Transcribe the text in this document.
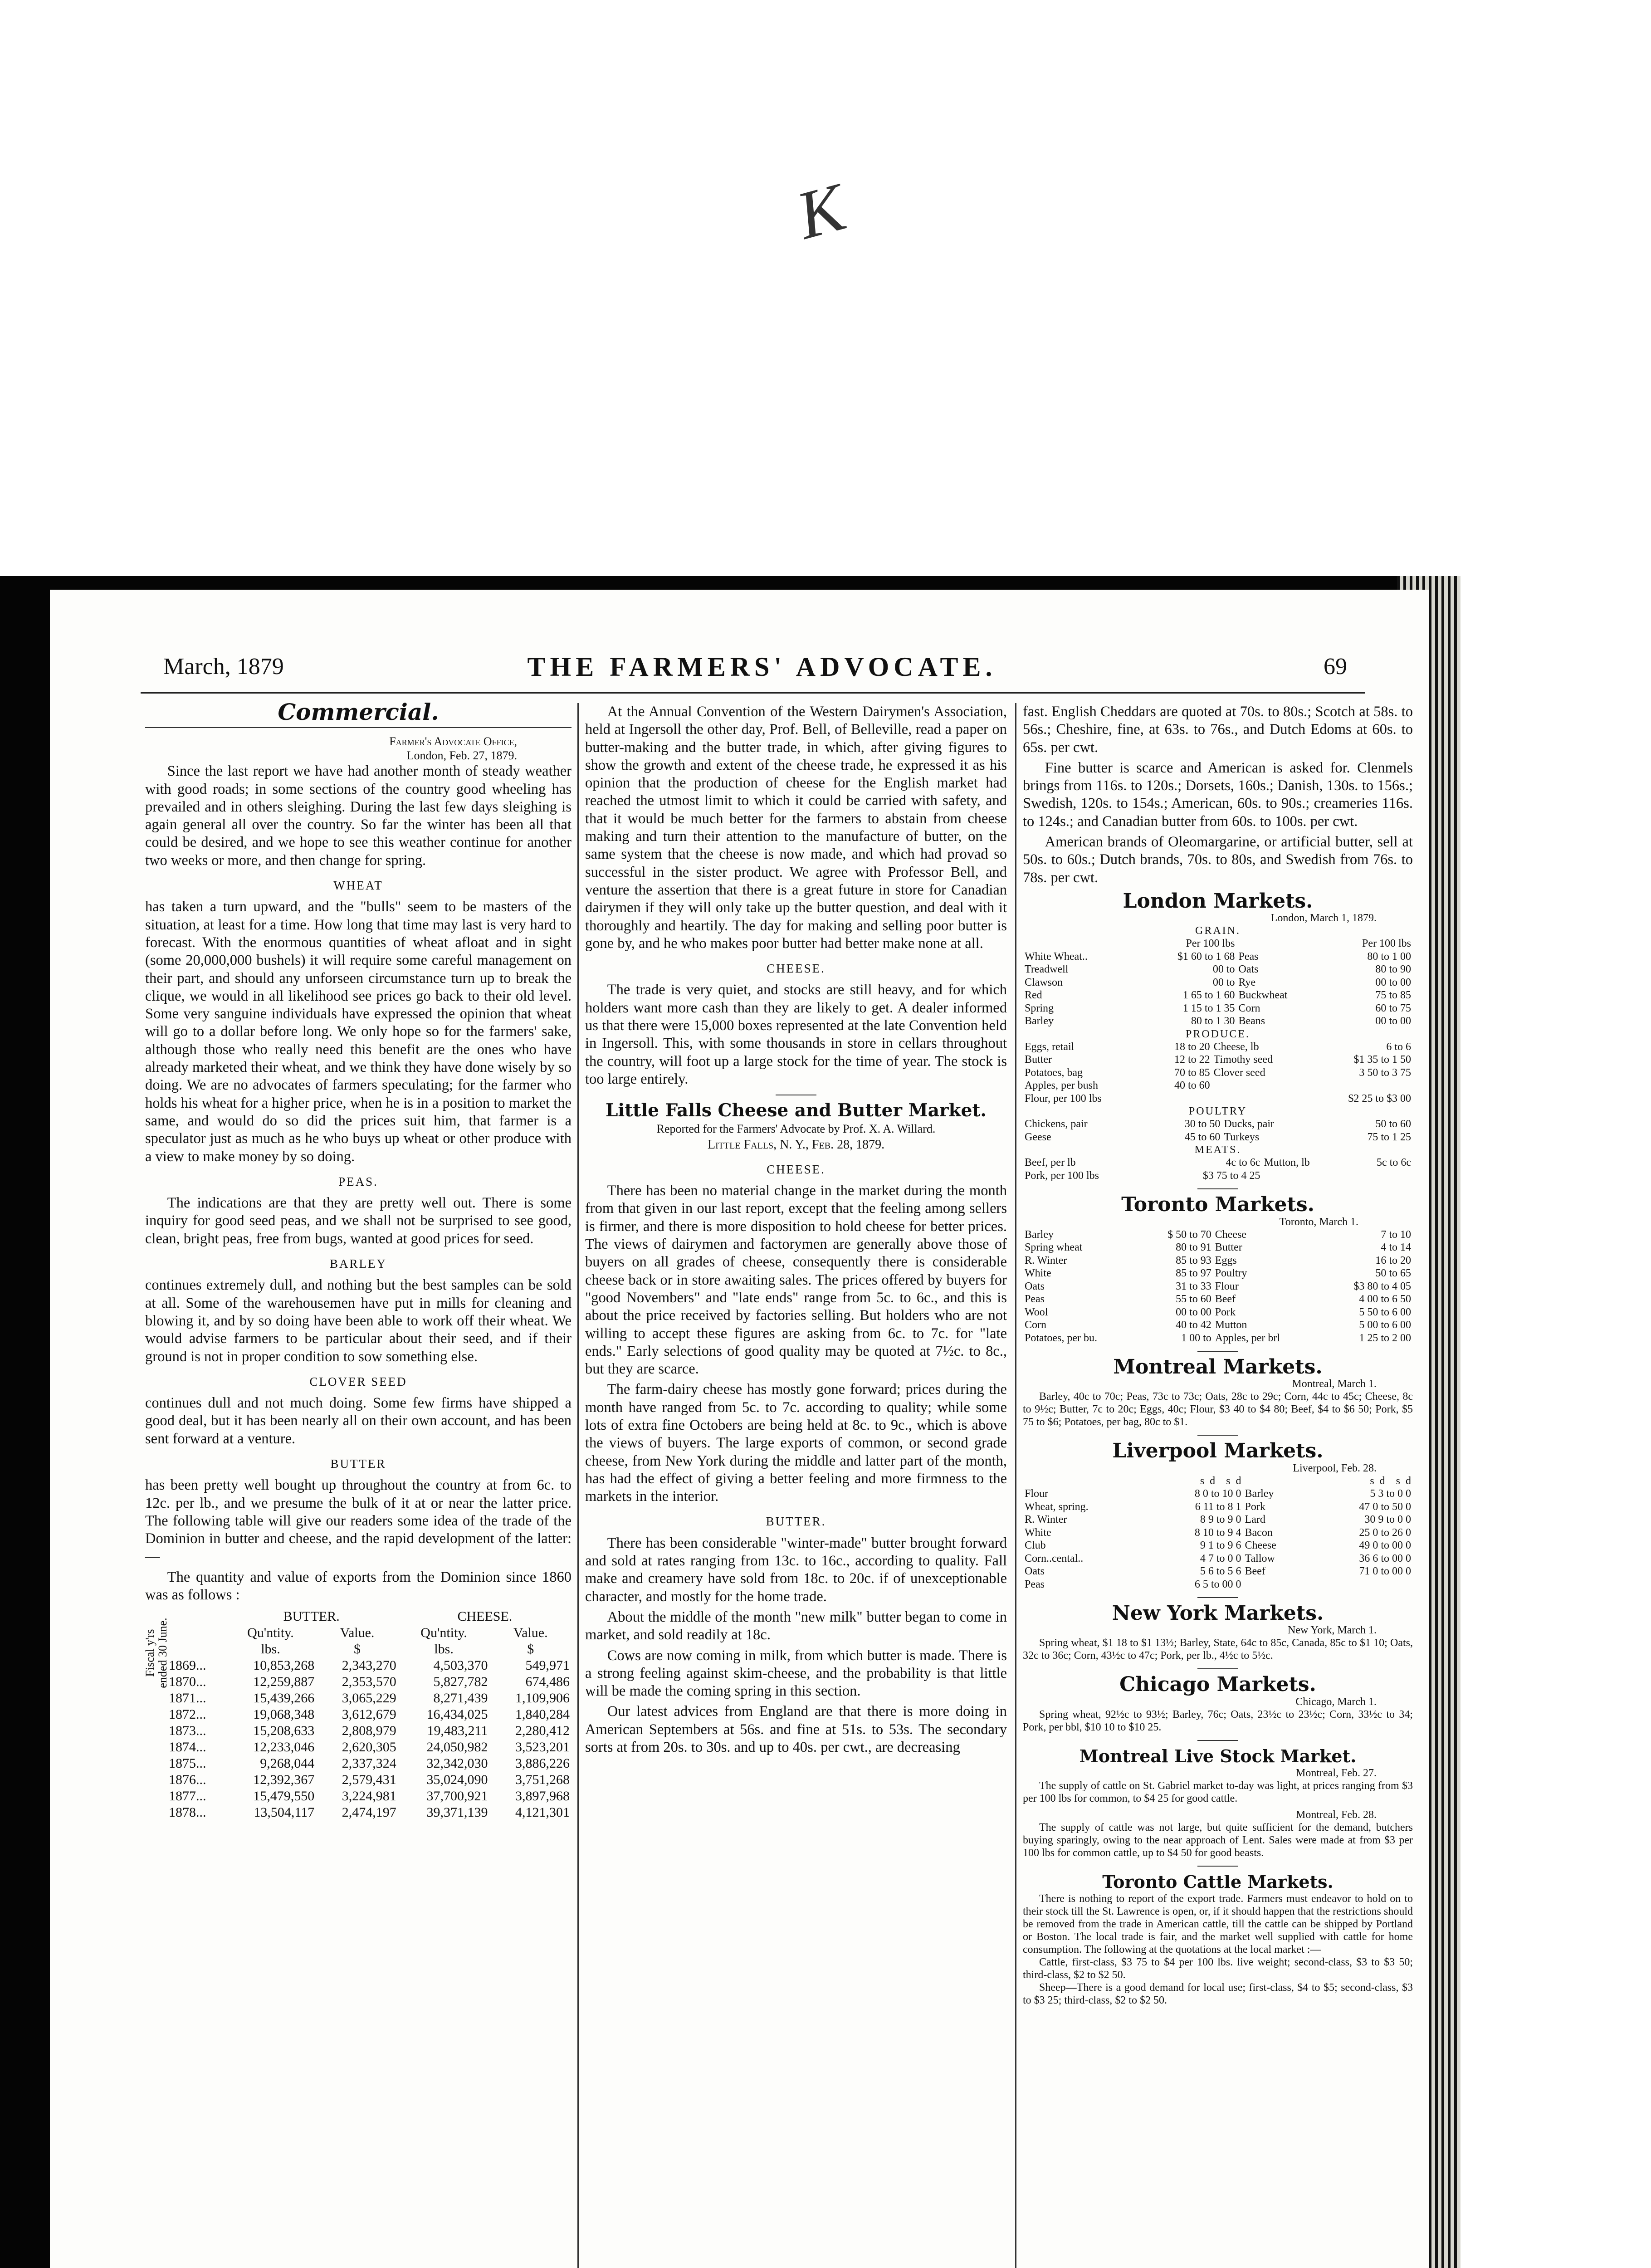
K
March, 1879	THE FARMERS' ADVOCATE.	69
Commercial.
Farmer's Advocate Office,
London, Feb. 27, 1879.

Since the last report we have had another month of steady weather with good roads; in some sections of the country good wheeling has prevailed and in others sleighing. During the last few days sleighing is again general all over the country. So far the winter has been all that could be desired, and we hope to see this weather continue for another two weeks or more, and then change for spring.

WHEAT

has taken a turn upward, and the "bulls" seem to be masters of the situation, at least for a time. How long that time may last is very hard to forecast. With the enormous quantities of wheat afloat and in sight (some 20,000,000 bushels) it will require some careful management on their part, and should any unforseen circumstance turn up to break the clique, we would in all likelihood see prices go back to their old level. Some very sanguine individuals have expressed the opinion that wheat will go to a dollar before long. We only hope so for the farmers' sake, although those who really need this benefit are the ones who have already marketed their wheat, and we think they have done wisely by so doing. We are no advocates of farmers speculating; for the farmer who holds his wheat for a higher price, when he is in a position to market the same, and would do so did the prices suit him, that farmer is a speculator just as much as he who buys up wheat or other produce with a view to make money by so doing.

PEAS.

The indications are that they are pretty well out. There is some inquiry for good seed peas, and we shall not be surprised to see good, clean, bright peas, free from bugs, wanted at good prices for seed.

BARLEY

continues extremely dull, and nothing but the best samples can be sold at all. Some of the warehousemen have put in mills for cleaning and blowing it, and by so doing have been able to work off their wheat. We would advise farmers to be particular about their seed, and if their ground is not in proper condition to sow something else.

CLOVER SEED

continues dull and not much doing. Some few firms have shipped a good deal, but it has been nearly all on their own account, and has been sent forward at a venture.

BUTTER

has been pretty well bought up throughout the country at from 6c. to 12c. per lb., and we presume the bulk of it at or near the latter price. The following table will give our readers some idea of the trade of the Dominion in butter and cheese, and the rapid development of the latter:—

The quantity and value of exports from the Dominion since 1860 was as follows :

Fiscal y'rs ended 30 June.
	BUTTER.		CHEESE.	
	Qu'ntity.	Value.	Qu'ntity.	Value.
	lbs.	$	lbs.	$
1869...	10,853,268	2,343,270	4,503,370	549,971
1870...	12,259,887	2,353,570	5,827,782	674,486
1871...	15,439,266	3,065,229	8,271,439	1,109,906
1872...	19,068,348	3,612,679	16,434,025	1,840,284
1873...	15,208,633	2,808,979	19,483,211	2,280,412
1874...	12,233,046	2,620,305	24,050,982	3,523,201
1875...	9,268,044	2,337,324	32,342,030	3,886,226
1876...	12,392,367	2,579,431	35,024,090	3,751,268
1877...	15,479,550	3,224,981	37,700,921	3,897,968
1878...	13,504,117	2,474,197	39,371,139	4,121,301

At the Annual Convention of the Western Dairymen's Association, held at Ingersoll the other day, Prof. Bell, of Belleville, read a paper on butter-making and the butter trade, in which, after giving figures to show the growth and extent of the cheese trade, he expressed it as his opinion that the production of cheese for the English market had reached the utmost limit to which it could be carried with safety, and that it would be much better for the farmers to abstain from cheese making and turn their attention to the manufacture of butter, on the same system that the cheese is now made, and which had provad so successful in the sister product. We agree with Professor Bell, and venture the assertion that there is a great future in store for Canadian dairymen if they will only take up the butter question, and deal with it thoroughly and heartily. The day for making and selling poor butter is gone by, and he who makes poor butter had better make none at all.

CHEESE.

The trade is very quiet, and stocks are still heavy, and for which holders want more cash than they are likely to get. A dealer informed us that there were 15,000 boxes represented at the late Convention held in Ingersoll. This, with some thousands in store in cellars throughout the country, will foot up a large stock for the time of year. The stock is too large entirely.

Little Falls Cheese and Butter Market.
Reported for the Farmers' Advocate by Prof. X. A. Willard.
Little Falls, N. Y., Feb. 28, 1879.
CHEESE.

There has been no material change in the market during the month from that given in our last report, except that the feeling among sellers is firmer, and there is more disposition to hold cheese for better prices. The views of dairymen and factorymen are generally above those of buyers on all grades of cheese, consequently there is considerable cheese back or in store awaiting sales. The prices offered by buyers for "good Novembers" and "late ends" range from 5c. to 6c., and this is about the price received by factories selling. But holders who are not willing to accept these figures are asking from 6c. to 7c. for "late ends." Early selections of good quality may be quoted at 7½c. to 8c., but they are scarce.

The farm-dairy cheese has mostly gone forward; prices during the month have ranged from 5c. to 7c. according to quality; while some lots of extra fine Octobers are being held at 8c. to 9c., which is above the views of buyers. The large exports of common, or second grade cheese, from New York during the middle and latter part of the month, has had the effect of giving a better feeling and more firmness to the markets in the interior.

BUTTER.

There has been considerable "winter-made" butter brought forward and sold at rates ranging from 13c. to 16c., according to quality. Fall make and creamery have sold from 18c. to 20c. if of unexceptionable character, and mostly for the home trade.

About the middle of the month "new milk" butter began to come in market, and sold readily at 18c.

Cows are now coming in milk, from which butter is made. There is a strong feeling against skim-cheese, and the probability is that little will be made the coming spring in this section.

Our latest advices from England are that there is more doing in American Septembers at 56s. and fine at 51s. to 53s. The secondary sorts at from 20s. to 30s. and up to 40s. per cwt., are decreasing

fast. English Cheddars are quoted at 70s. to 80s.; Scotch at 58s. to 56s.; Cheshire, fine, at 63s. to 76s., and Dutch Edoms at 60s. to 65s. per cwt.

Fine butter is scarce and American is asked for. Clenmels brings from 116s. to 120s.; Dorsets, 160s.; Danish, 130s. to 156s.; Swedish, 120s. to 154s.; American, 60s. to 90s.; creameries 116s. to 124s.; and Canadian butter from 60s. to 100s. per cwt.

American brands of Oleomargarine, or artificial butter, sell at 50s. to 60s.; Dutch brands, 70s. to 80s, and Swedish from 76s. to 78s. per cwt.

London Markets.
London, March 1, 1879.
GRAIN.
	Per 100 lbs		Per 100 lbs
White Wheat..	$1 60 to 1 68	Peas	80 to 1 00
Treadwell	00 to	Oats	80 to 90
Clawson	00 to	Rye	00 to 00
Red	1 65 to 1 60	Buckwheat	75 to 85
Spring	1 15 to 1 35	Corn	60 to 75
Barley	80 to 1 30	Beans	00 to 00
PRODUCE.
Eggs, retail	18 to 20	Cheese, lb	6 to 6
Butter	12 to 22	Timothy seed	$1 35 to 1 50
Potatoes, bag	70 to 85	Clover seed	3 50 to 3 75
Apples, per bush	40 to 60		
Flour, per 100 lbs	$2 25 to $3 00
POULTRY
Chickens, pair	30 to 50	Ducks, pair	50 to 60
Geese	45 to 60	Turkeys	75 to 1 25
MEATS.
Beef, per lb	4c to 6c	Mutton, lb	5c to 6c
Pork, per 100 lbs	$3 75 to 4 25		
Toronto Markets.
Toronto, March 1.
Barley	$ 50 to 70	Cheese	7 to 10
Spring wheat	80 to 91	Butter	4 to 14
R. Winter	85 to 93	Eggs	16 to 20
White	85 to 97	Poultry	50 to 65
Oats	31 to 33	Flour	$3 80 to 4 05
Peas	55 to 60	Beef	4 00 to 6 50
Wool	00 to 00	Pork	5 50 to 6 00
Corn	40 to 42	Mutton	5 00 to 6 00
Potatoes, per bu.	1 00 to	Apples, per brl	1 25 to 2 00
Montreal Markets.
Montreal, March 1.
Barley, 40c to 70c; Peas, 73c to 73c; Oats, 28c to 29c; Corn, 44c to 45c; Cheese, 8c to 9½c; Butter, 7c to 20c; Eggs, 40c; Flour, $3 40 to $4 80; Beef, $4 to $6 50; Pork, $5 75 to $6; Potatoes, per bag, 80c to $1.
Liverpool Markets.
Liverpool, Feb. 28.
	s  d    s  d		s  d    s  d
Flour	8 0 to 10 0	Barley	5 3 to 0 0
Wheat, spring.	6 11 to 8 1	Pork	47 0 to 50 0
R. Winter	8 9 to 9 0	Lard	30 9 to 0 0
White	8 10 to 9 4	Bacon	25 0 to 26 0
Club	9 1 to 9 6	Cheese	49 0 to 00 0
Corn..cental..	4 7 to 0 0	Tallow	36 6 to 00 0
Oats	5 6 to 5 6	Beef	71 0 to 00 0
Peas	6 5 to 00 0		
New York Markets.
New York, March 1.
Spring wheat, $1 18 to $1 13½; Barley, State, 64c to 85c, Canada, 85c to $1 10; Oats, 32c to 36c; Corn, 43½c to 47c; Pork, per lb., 4½c to 5½c.
Chicago Markets.
Chicago, March 1.
Spring wheat, 92½c to 93½; Barley, 76c; Oats, 23½c to 23½c; Corn, 33½c to 34; Pork, per bbl, $10 10 to $10 25.
Montreal Live Stock Market.
Montreal, Feb. 27.
The supply of cattle on St. Gabriel market to-day was light, at prices ranging from $3 per 100 lbs for common, to $4 25 for good cattle.
Montreal, Feb. 28.
The supply of cattle was not large, but quite sufficient for the demand, butchers buying sparingly, owing to the near approach of Lent. Sales were made at from $3 per 100 lbs for common cattle, up to $4 50 for good beasts.
Toronto Cattle Markets.
There is nothing to report of the export trade. Farmers must endeavor to hold on to their stock till the St. Lawrence is open, or, if it should happen that the restrictions should be removed from the trade in American cattle, till the cattle can be shipped by Portland or Boston. The local trade is fair, and the market well supplied with cattle for home consumption. The following at the quotations at the local market :—
Cattle, first-class, $3 75 to $4 per 100 lbs. live weight; second-class, $3 to $3 50; third-class, $2 to $2 50.
Sheep—There is a good demand for local use; first-class, $4 to $5; second-class, $3 to $3 25; third-class, $2 to $2 50.
